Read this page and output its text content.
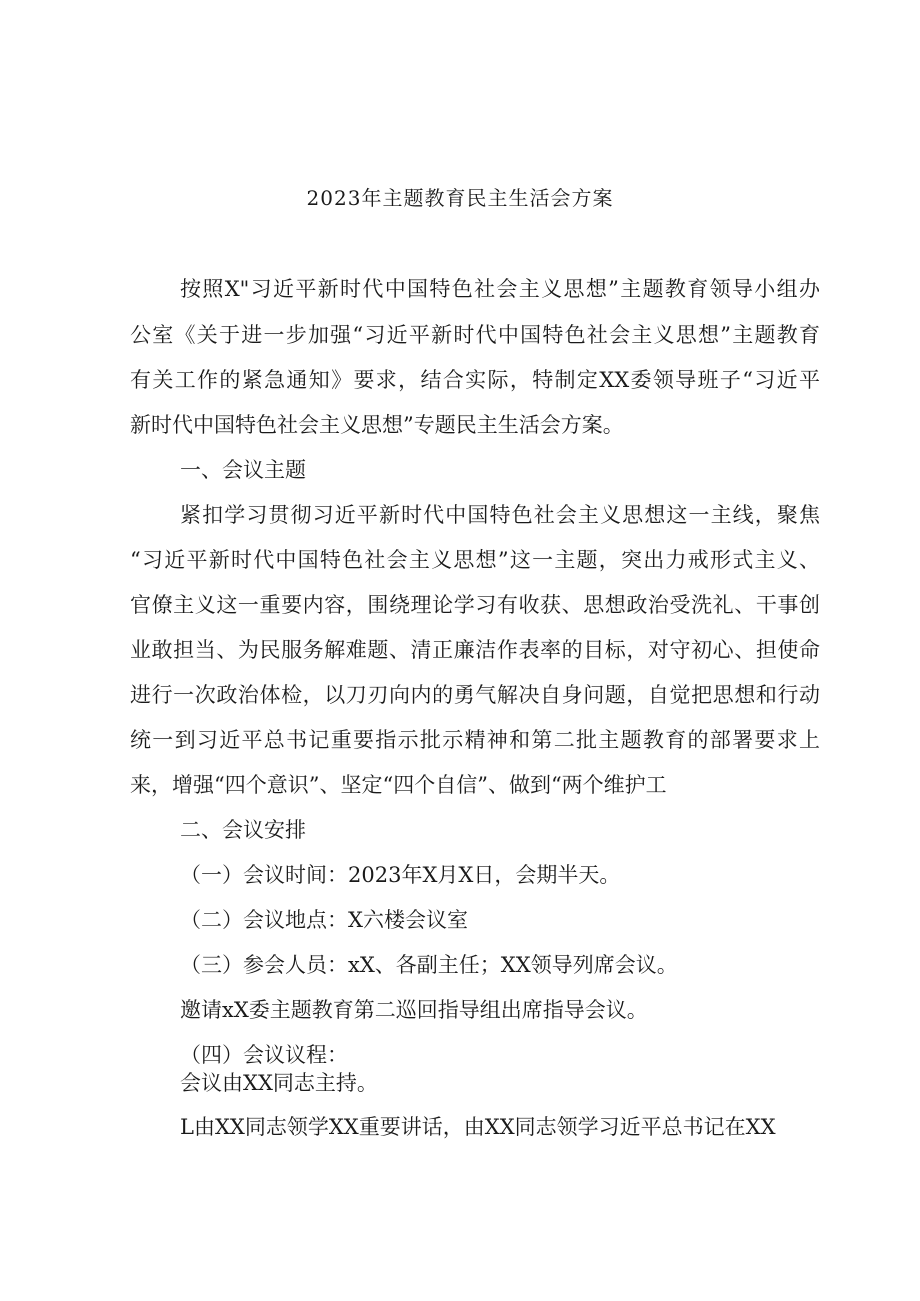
2023年主题教育民主生活会方案
按照X"习近平新时代中国特色社会主义思想”主题教育领导小组办
公室《关于进一步加强“习近平新时代中国特色社会主义思想”主题教育
有关工作的紧急通知》要求，结合实际，特制定XX委领导班子“习近平
新时代中国特色社会主义思想”专题民主生活会方案。
一、会议主题
紧扣学习贯彻习近平新时代中国特色社会主义思想这一主线，聚焦
“习近平新时代中国特色社会主义思想”这一主题，突出力戒形式主义、
官僚主义这一重要内容，围绕理论学习有收获、思想政治受洗礼、干事创
业敢担当、为民服务解难题、清正廉洁作表率的目标，对守初心、担使命
进行一次政治体检，以刀刃向内的勇气解决自身问题，自觉把思想和行动
统一到习近平总书记重要指示批示精神和第二批主题教育的部署要求上
来，增强“四个意识”、坚定“四个自信”、做到“两个维护工
二、会议安排
（一）会议时间：2023年X月X日，会期半天。
（二）会议地点：X六楼会议室
（三）参会人员：xX、各副主任；XX领导列席会议。
邀请xX委主题教育第二巡回指导组出席指导会议。
（四）会议议程：
会议由XX同志主持。
L由XX同志领学XX重要讲话，由XX同志领学习近平总书记在XX
